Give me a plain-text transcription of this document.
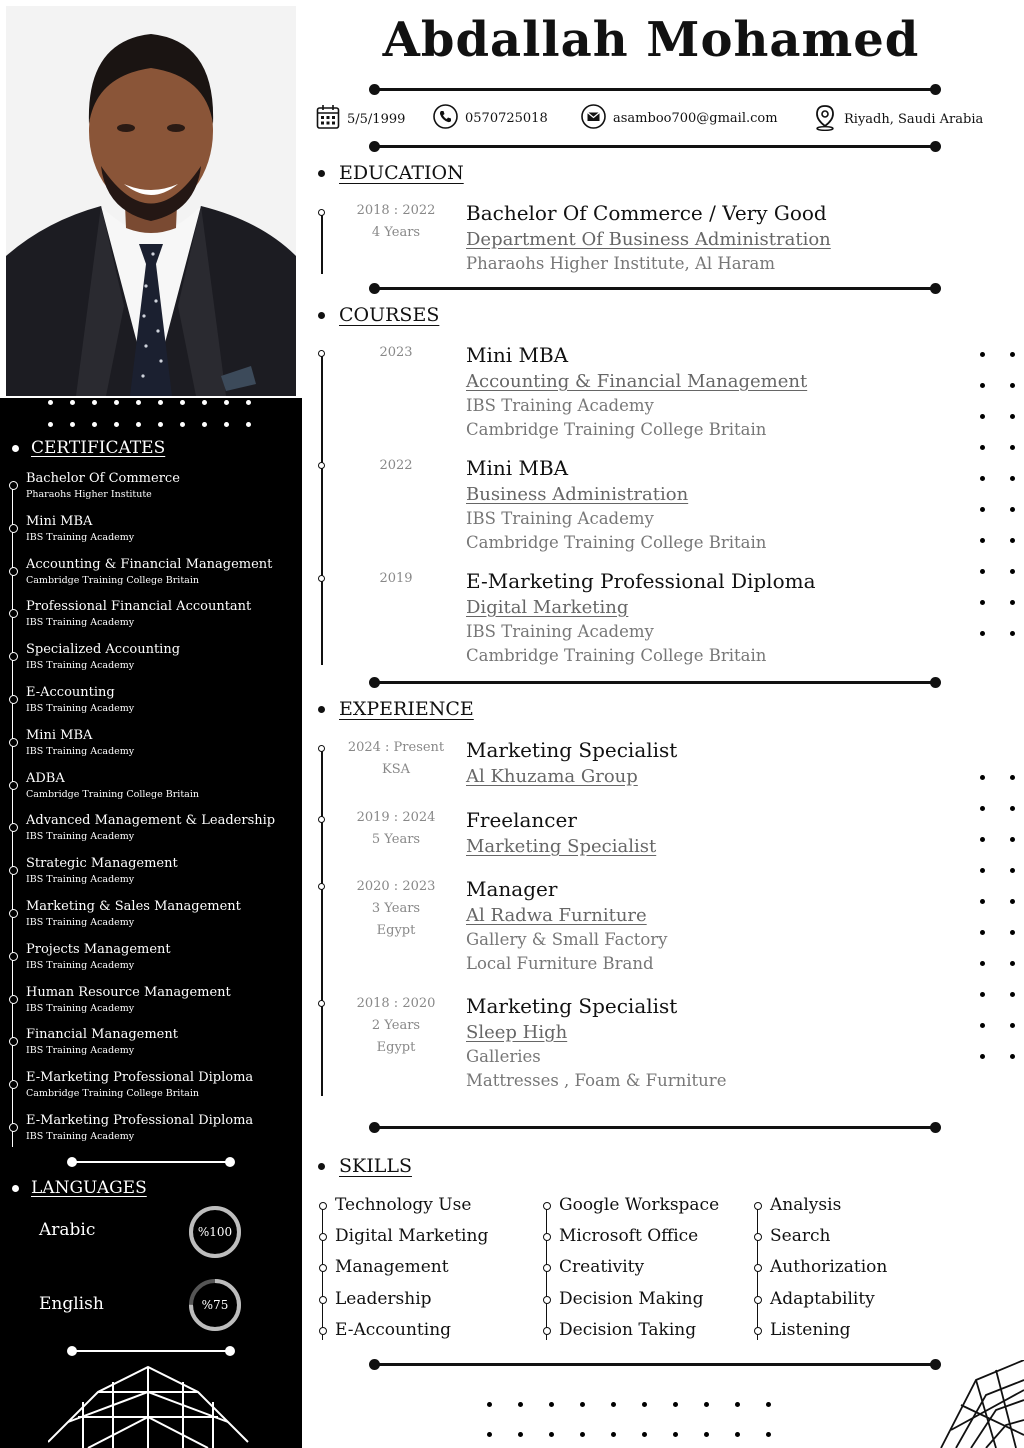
CERTIFICATES
Bachelor Of Commerce
Pharaohs Higher Institute
Mini MBA
IBS Training Academy
Accounting & Financial Management
Cambridge Training College Britain
Professional Financial Accountant
IBS Training Academy
Specialized Accounting
IBS Training Academy
E-Accounting
IBS Training Academy
Mini MBA
IBS Training Academy
ADBA
Cambridge Training College Britain
Advanced Management & Leadership
IBS Training Academy
Strategic Management
IBS Training Academy
Marketing & Sales Management
IBS Training Academy
Projects Management
IBS Training Academy
Human Resource Management
IBS Training Academy
Financial Management
IBS Training Academy
E-Marketing Professional Diploma
Cambridge Training College Britain
E-Marketing Professional Diploma
IBS Training Academy
LANGUAGES
Arabic	%100
English	%75
Abdallah Mohamed
5/5/1999	0570725018	asamboo700@gmail.com	Riyadh, Saudi Arabia
EDUCATION
2018 : 2022
4 Years
Bachelor Of Commerce / Very Good
Department Of Business Administration
Pharaohs Higher Institute, Al Haram
COURSES
2023	Mini MBA
Accounting & Financial Management
IBS Training Academy
Cambridge Training College Britain
2022	Mini MBA
Business Administration
IBS Training Academy
Cambridge Training College Britain
2019	E-Marketing Professional Diploma
Digital Marketing
IBS Training Academy
Cambridge Training College Britain
EXPERIENCE
2024 : Present
KSA
Marketing Specialist
Al Khuzama Group
2019 : 2024
5 Years
Freelancer
Marketing Specialist
2020 : 2023
3 Years
Egypt
Manager
Al Radwa Furniture
Gallery & Small Factory
Local Furniture Brand
2018 : 2020
2 Years
Egypt
Marketing Specialist
Sleep High
Galleries
Mattresses , Foam & Furniture
SKILLS
Technology Use
Digital Marketing
Management
Leadership
E-Accounting
Google Workspace
Microsoft Office
Creativity
Decision Making
Decision Taking
Analysis
Search
Authorization
Adaptability
Listening
